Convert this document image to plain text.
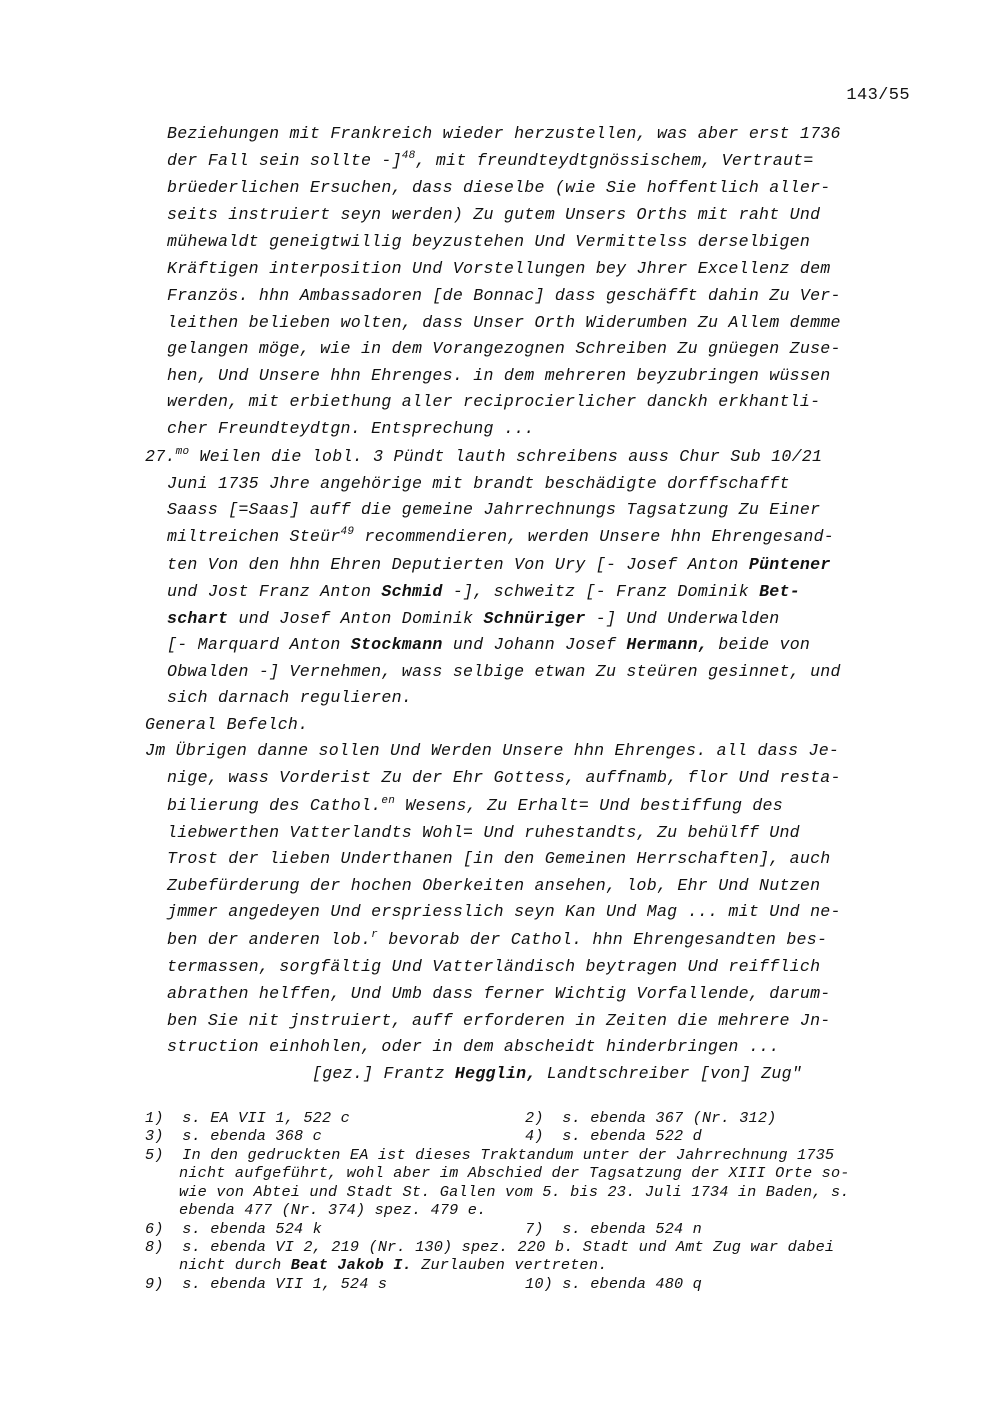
143/55
Beziehungen mit Frankreich wieder herzustellen, was aber erst 1736
der Fall sein sollte -]$^{48}$, mit freundteydtgnössischem, Vertraut=
brüederlichen Ersuchen, dass dieselbe (wie Sie hoffentlich aller-
seits instruiert seyn werden) Zu gutem Unsers Orths mit raht Und
mühewaldt geneigtwillig beyzustehen Und Vermittelss derselbigen
Kräftigen interposition Und Vorstellungen bey Jhrer Excellenz dem
Französ. hhn Ambassadoren [de Bonnac] dass geschäfft dahin Zu Ver-
leithen belieben wolten, dass Unser Orth Widerumben Zu Allem demme
gelangen möge, wie in dem Vorangezognen Schreiben Zu gnüegen Zuse-
hen, Und Unsere hhn Ehrenges. in dem mehreren beyzubringen wüssen
werden, mit erbiethung aller reciprocierlicher danckh erkhantli-
cher Freundteydtgn. Entsprechung ...
27.$^{mo}$ Weilen die lobl. 3 Pündt lauth schreibens auss Chur Sub 10/21
Juni 1735 Jhre angehörige mit brandt beschädigte dorffschafft
Saass [=Saas] auff die gemeine Jahrrechnungs Tagsatzung Zu Einer
miltreichen Steür$^{49}$ recommendieren, werden Unsere hhn Ehrengesand-
ten Von den hhn Ehren Deputierten Von Ury [- Josef Anton Püntener
und Jost Franz Anton Schmid -], schweitz [- Franz Dominik Bet-
schart und Josef Anton Dominik Schnüriger -] Und Underwalden
[- Marquard Anton Stockmann und Johann Josef Hermann, beide von
Obwalden -] Vernehmen, wass selbige etwan Zu steüren gesinnet, und
sich darnach regulieren.
General Befelch.
Jm Übrigen danne sollen Und Werden Unsere hhn Ehrenges. all dass Je-
nige, wass Vorderist Zu der Ehr Gottess, auffnamb, flor Und resta-
bilierung des Cathol.$^{en}$ Wesens, Zu Erhalt= Und bestiffung des
liebwerthen Vatterlandts Wohl= Und ruhestandts, Zu behülff Und
Trost der lieben Underthanen [in den Gemeinen Herrschaften], auch
Zubefürderung der hochen Oberkeiten ansehen, lob, Ehr Und Nutzen
jmmer angedeyen Und erspriesslich seyn Kan Und Mag ... mit Und ne-
ben der anderen lob.$^r$ bevorab der Cathol. hhn Ehrengesandten bes-
termassen, sorgfältig Und Vatterländisch beytragen Und reifflich
abrathen helffen, Und Umb dass ferner Wichtig Vorfallende, darum-
ben Sie nit jnstruiert, auff erforderen in Zeiten die mehrere Jn-
struction einhohlen, oder in dem abscheidt hinderbringen ...
[gez.] Frantz Hegglin, Landtschreiber [von] Zug"
1)  s. EA VII 1, 522 c	2)  s. ebenda 367 (Nr. 312)
3)  s. ebenda 368 c	4)  s. ebenda 522 d
5)  In den gedruckten EA ist dieses Traktandum unter der Jahrrechnung 1735
nicht aufgeführt, wohl aber im Abschied der Tagsatzung der XIII Orte so-
wie von Abtei und Stadt St. Gallen vom 5. bis 23. Juli 1734 in Baden, s.
ebenda 477 (Nr. 374) spez. 479 e.
6)  s. ebenda 524 k	7)  s. ebenda 524 n
8)  s. ebenda VI 2, 219 (Nr. 130) spez. 220 b. Stadt und Amt Zug war dabei
nicht durch Beat Jakob I. Zurlauben vertreten.
9)  s. ebenda VII 1, 524 s	10) s. ebenda 480 q
